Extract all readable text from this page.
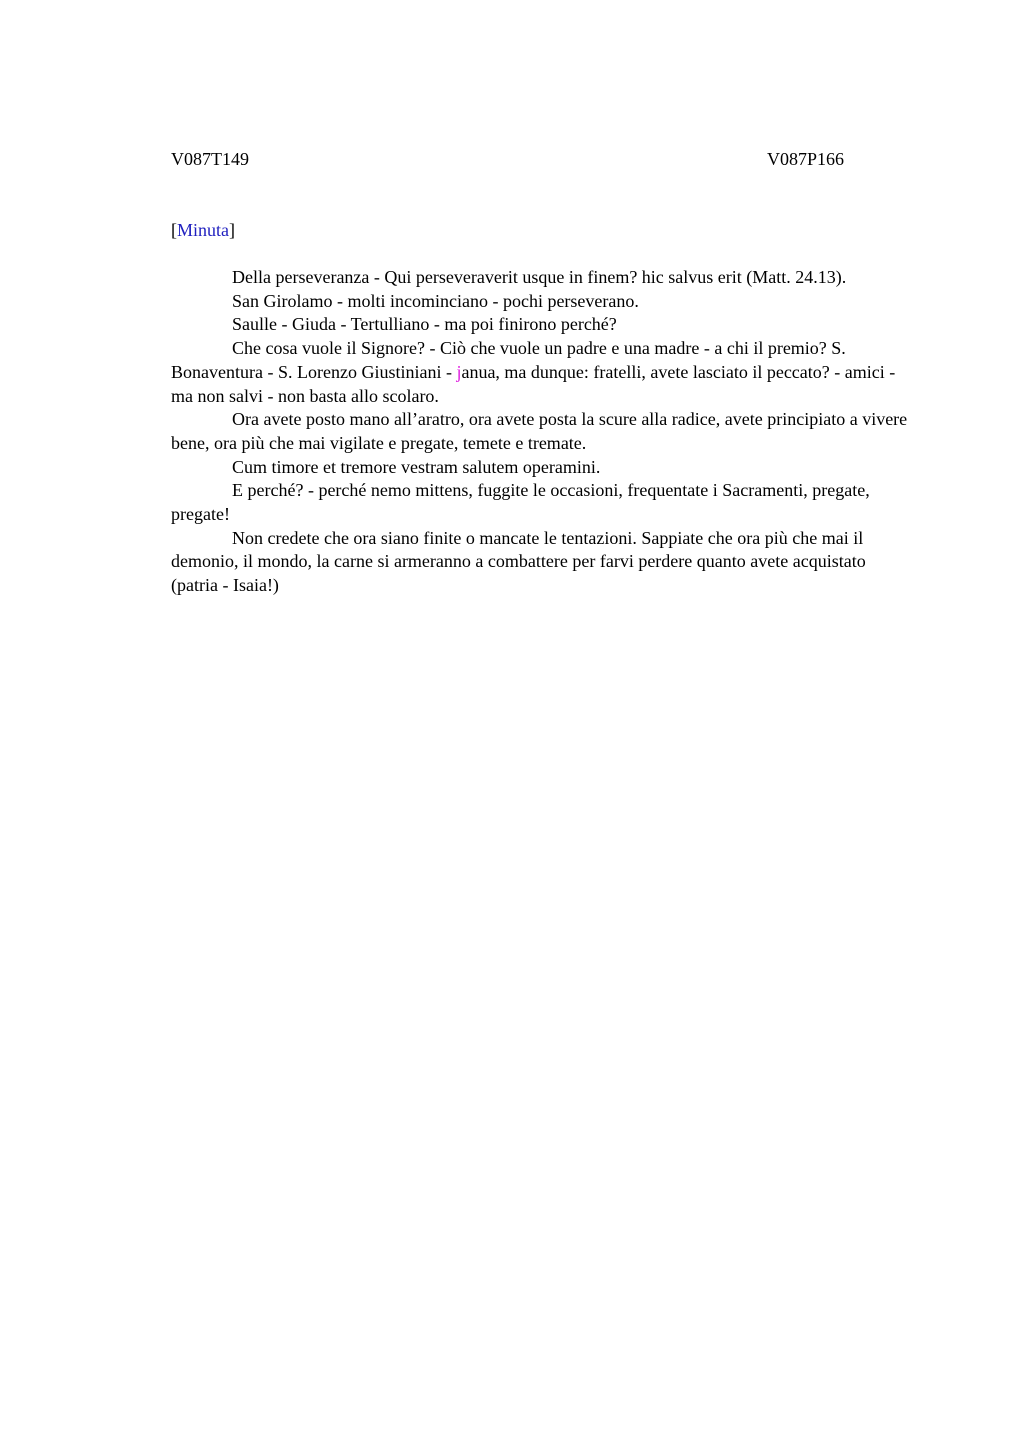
V087T149	V087P166
[Minuta]

Della perseveranza - Qui perseveraverit usque in finem? hic salvus erit (Matt. 24.13).

San Girolamo - molti incominciano - pochi perseverano.

Saulle - Giuda - Tertulliano - ma poi finirono perché?

Che cosa vuole il Signore? - Ciò che vuole un padre e una madre - a chi il premio? S. Bonaventura - S. Lorenzo Giustiniani - janua, ma dunque: fratelli, avete lasciato il peccato? - amici - ma non salvi - non basta allo scolaro.

Ora avete posto mano all’aratro, ora avete posta la scure alla radice, avete principiato a vivere bene, ora più che mai vigilate e pregate, temete e tremate.

Cum timore et tremore vestram salutem operamini.

E perché? - perché nemo mittens, fuggite le occasioni, frequentate i Sacramenti, pregate, pregate!

Non credete che ora siano finite o mancate le tentazioni. Sappiate che ora più che mai il demonio, il mondo, la carne si armeranno a combattere per farvi perdere quanto avete acquistato (patria - Isaia!)
